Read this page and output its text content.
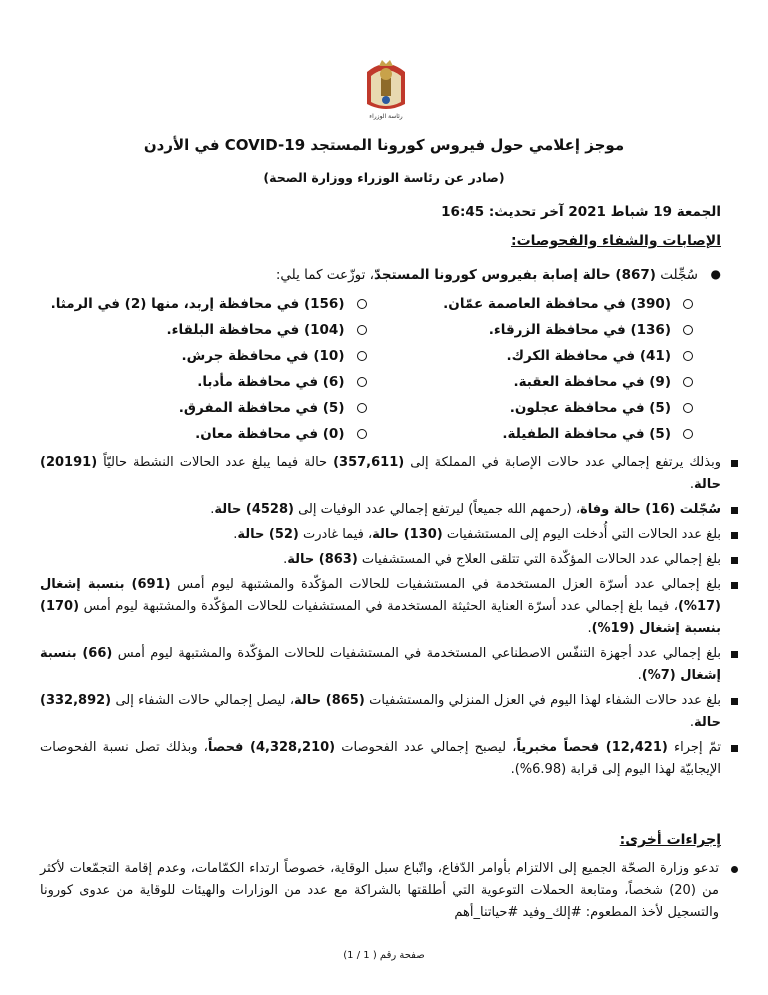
رئاسة الوزراء
موجز إعلامي حول فيروس كورونا المستجد COVID-19 في الأردن
(صادر عن رئاسة الوزراء ووزارة الصحة)
الجمعة 19 شباط 2021 آخر تحديث: 16:45
الإصابات والشفاء والفحوصات:
●
سُجِّلت (867) حالة إصابة بفيروس كورونا المستجدّ، توزّعت كما يلي:
(390) في محافظة العاصمة عمّان.
(156) في محافظة إربد، منها (2) في الرمثا.
(136) في محافظة الزرقاء.
(104) في محافظة البلقاء.
(41) في محافظة الكرك.
(10) في محافظة جرش.
(9) في محافظة العقبة.
(6) في محافظة مأدبا.
(5) في محافظة عجلون.
(5) في محافظة المفرق.
(5) في محافظة الطفيلة.
(0) في محافظة معان.
وبذلك يرتفع إجمالي عدد حالات الإصابة في المملكة إلى (357,611) حالة فيما يبلغ عدد الحالات النشطة حاليّاً (20191) حالة.
سُجّلت (16) حالة وفاة، (رحمهم الله جميعاً) ليرتفع إجمالي عدد الوفيات إلى (4528) حالة.
بلغ عدد الحالات التي أُدخلت اليوم إلى المستشفيات (130) حالة، فيما غادرت (52) حالة.
بلغ إجمالي عدد الحالات المؤكّدة التي تتلقى العلاج في المستشفيات (863) حالة.
بلغ إجمالي عدد أسرّة العزل المستخدمة في المستشفيات للحالات المؤكّدة والمشتبهة ليوم أمس (691) بنسبة إشغال (17%)، فيما بلغ إجمالي عدد أسرّة العناية الحثيثة المستخدمة في المستشفيات للحالات المؤكّدة والمشتبهة ليوم أمس (170) بنسبة إشغال (19%).
بلغ إجمالي عدد أجهزة التنفّس الاصطناعي المستخدمة في المستشفيات للحالات المؤكّدة والمشتبهة ليوم أمس (66) بنسبة إشغال (7%).
بلغ عدد حالات الشفاء لهذا اليوم في العزل المنزلي والمستشفيات (865) حالة، ليصل إجمالي حالات الشفاء إلى (332,892) حالة.
تمّ إجراء (12,421) فحصاً مخبرياً، ليصبح إجمالي عدد الفحوصات (4,328,210) فحصاً، وبذلك تصل نسبة الفحوصات الإيجابيّة لهذا اليوم إلى قرابة (6.98%).
إجراءات أخرى:
تدعو وزارة الصحّة الجميع إلى الالتزام بأوامر الدّفاع، واتّباع سبل الوقاية، خصوصاً ارتداء الكمّامات، وعدم إقامة التجمّعات لأكثر من (20) شخصاً، ومتابعة الحملات التوعوية التي أطلقتها بالشراكة مع عدد من الوزارات والهيئات للوقاية من عدوى كورونا والتسجيل لأخذ المطعوم: #إلك_وفيد #حياتنا_أهم
صفحة رقم ( 1 / 1)
